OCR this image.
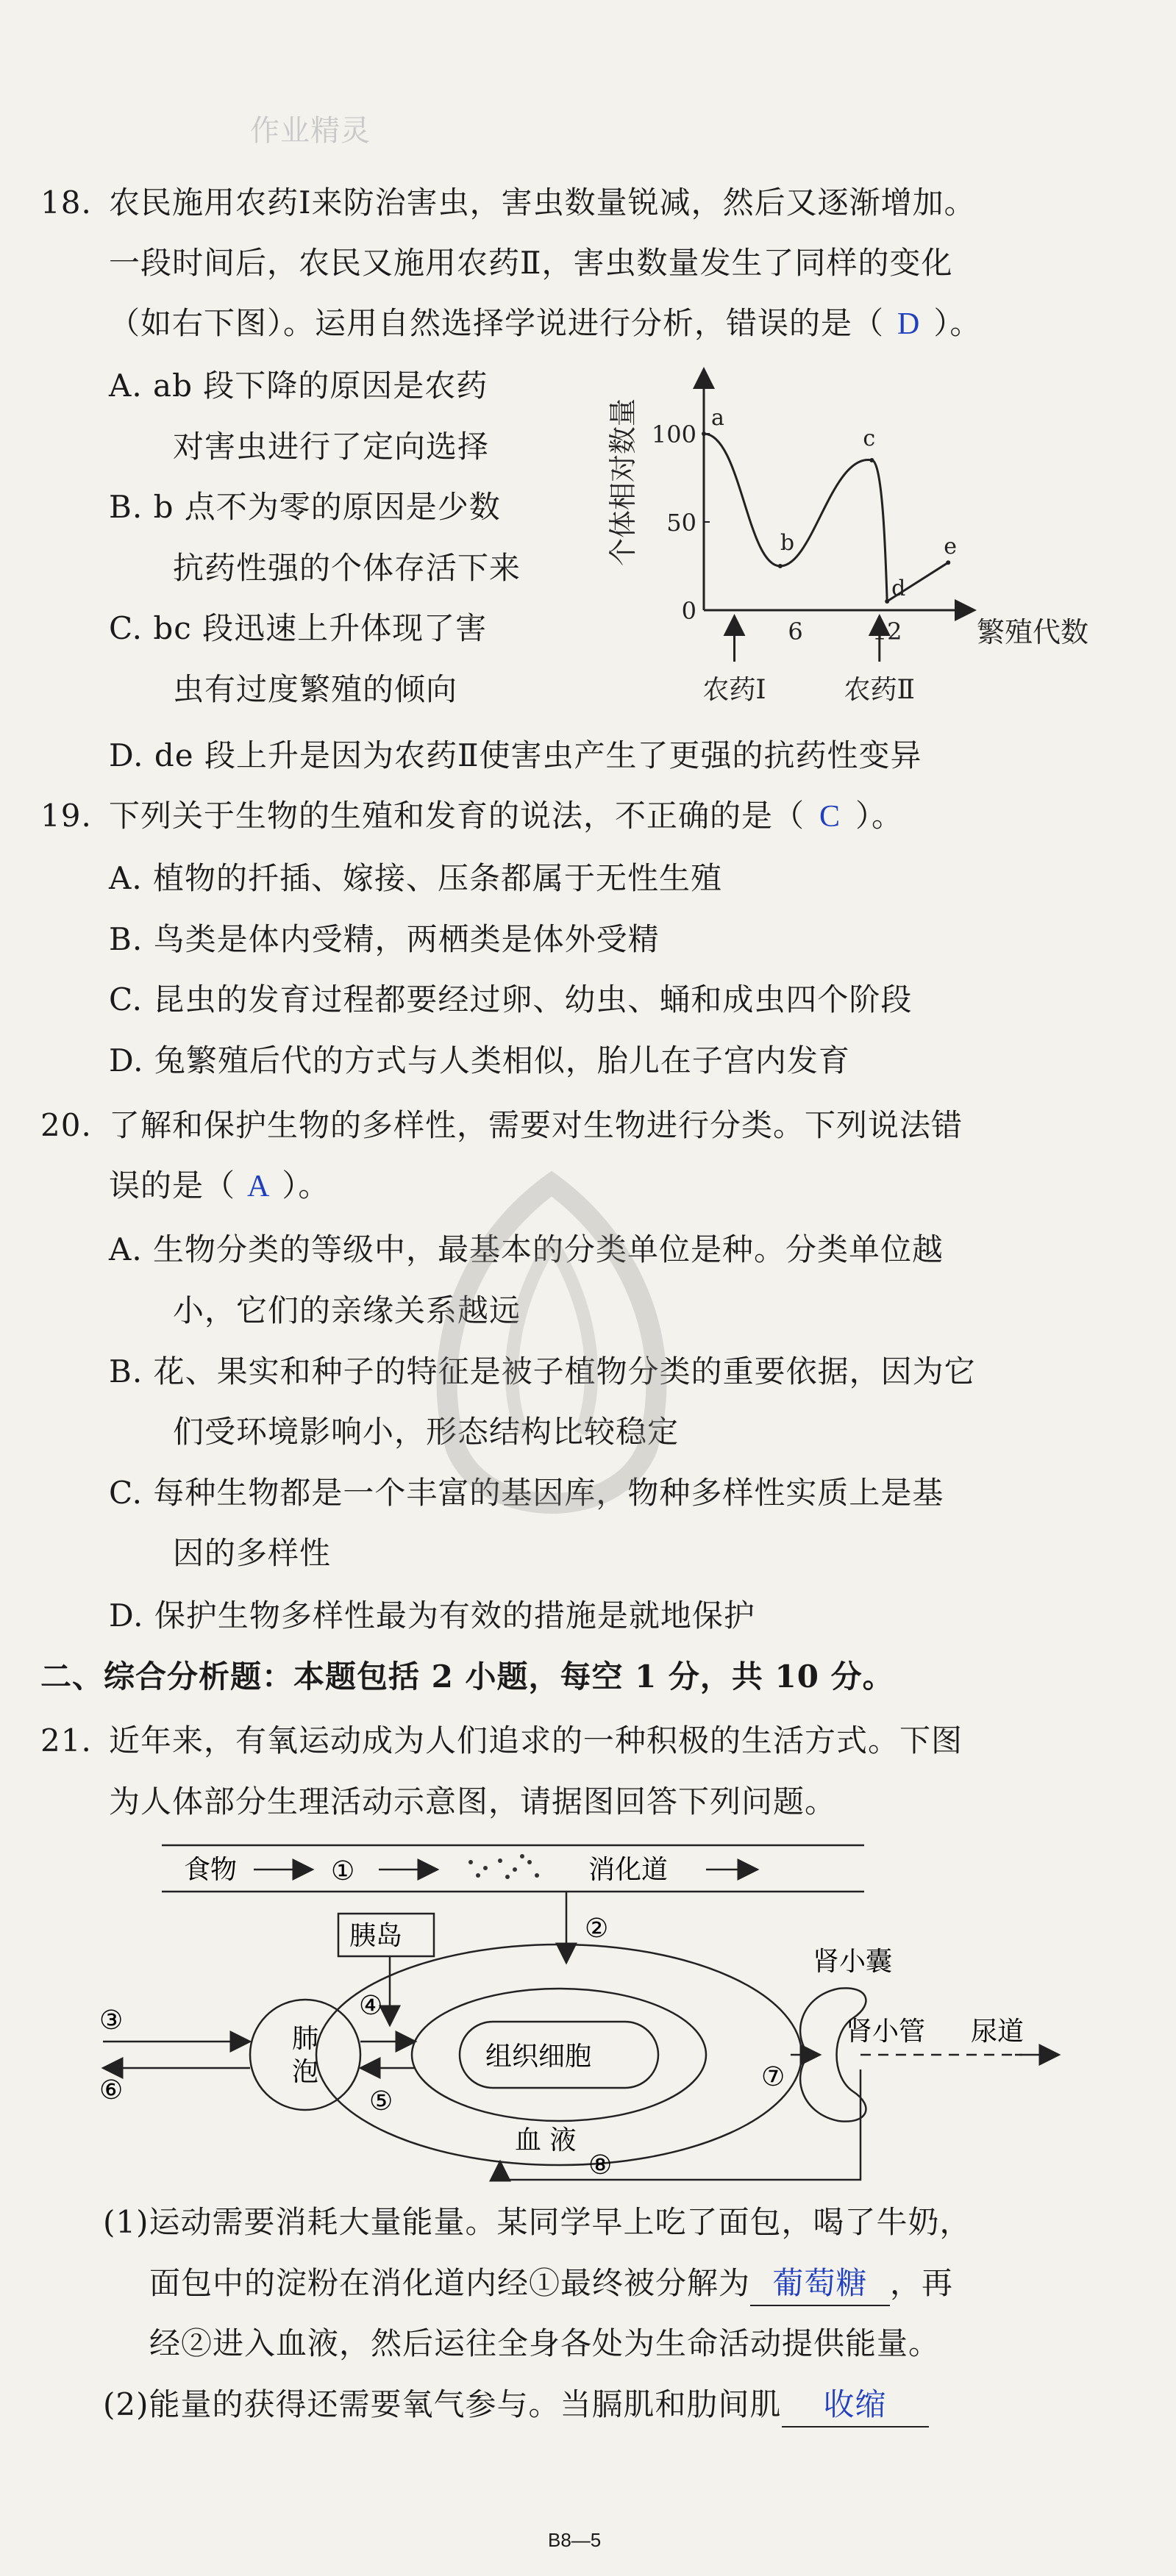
作业精灵
18. 农民施用农药Ⅰ来防治害虫，害虫数量锐减，然后又逐渐增加。
一段时间后，农民又施用农药Ⅱ，害虫数量发生了同样的变化
（如右下图）。运用自然选择学说进行分析，错误的是（ D ）。
A. ab 段下降的原因是农药
对害虫进行了定向选择
B. b 点不为零的原因是少数
抗药性强的个体存活下来
C. bc 段迅速上升体现了害
虫有过度繁殖的倾向
D. de 段上升是因为农药Ⅱ使害虫产生了更强的抗药性变异
个体相对数量 100
50
0
6	12	繁殖代数
a
b
c
d
e
农药Ⅰ	农药Ⅱ
19. 下列关于生物的生殖和发育的说法，不正确的是（ C ）。
A. 植物的扦插、嫁接、压条都属于无性生殖
B. 鸟类是体内受精，两栖类是体外受精
C. 昆虫的发育过程都要经过卵、幼虫、蛹和成虫四个阶段
D. 兔繁殖后代的方式与人类相似，胎儿在子宫内发育
20. 了解和保护生物的多样性，需要对生物进行分类。下列说法错
误的是（ A ）。
A. 生物分类的等级中，最基本的分类单位是种。分类单位越
小，它们的亲缘关系越远
B. 花、果实和种子的特征是被子植物分类的重要依据，因为它
们受环境影响小，形态结构比较稳定
C. 每种生物都是一个丰富的基因库，物种多样性实质上是基
因的多样性
D. 保护生物多样性最为有效的措施是就地保护
二、综合分析题：本题包括 2 小题，每空 1 分，共 10 分。
21. 近年来，有氧运动成为人们追求的一种积极的生活方式。下图
为人体部分生理活动示意图，请据图回答下列问题。
食物	①	消化道
②
胰岛
组织细胞
血 液
④
肺
泡
⑤
③
⑥
肾小囊
肾小管 尿道
⑦
⑧
(1)运动需要消耗大量能量。某同学早上吃了面包，喝了牛奶，
面包中的淀粉在消化道内经①最终被分解为 葡萄糖 ，再
经②进入血液，然后运往全身各处为生命活动提供能量。
(2)能量的获得还需要氧气参与。当膈肌和肋间肌 收缩
B8—5
